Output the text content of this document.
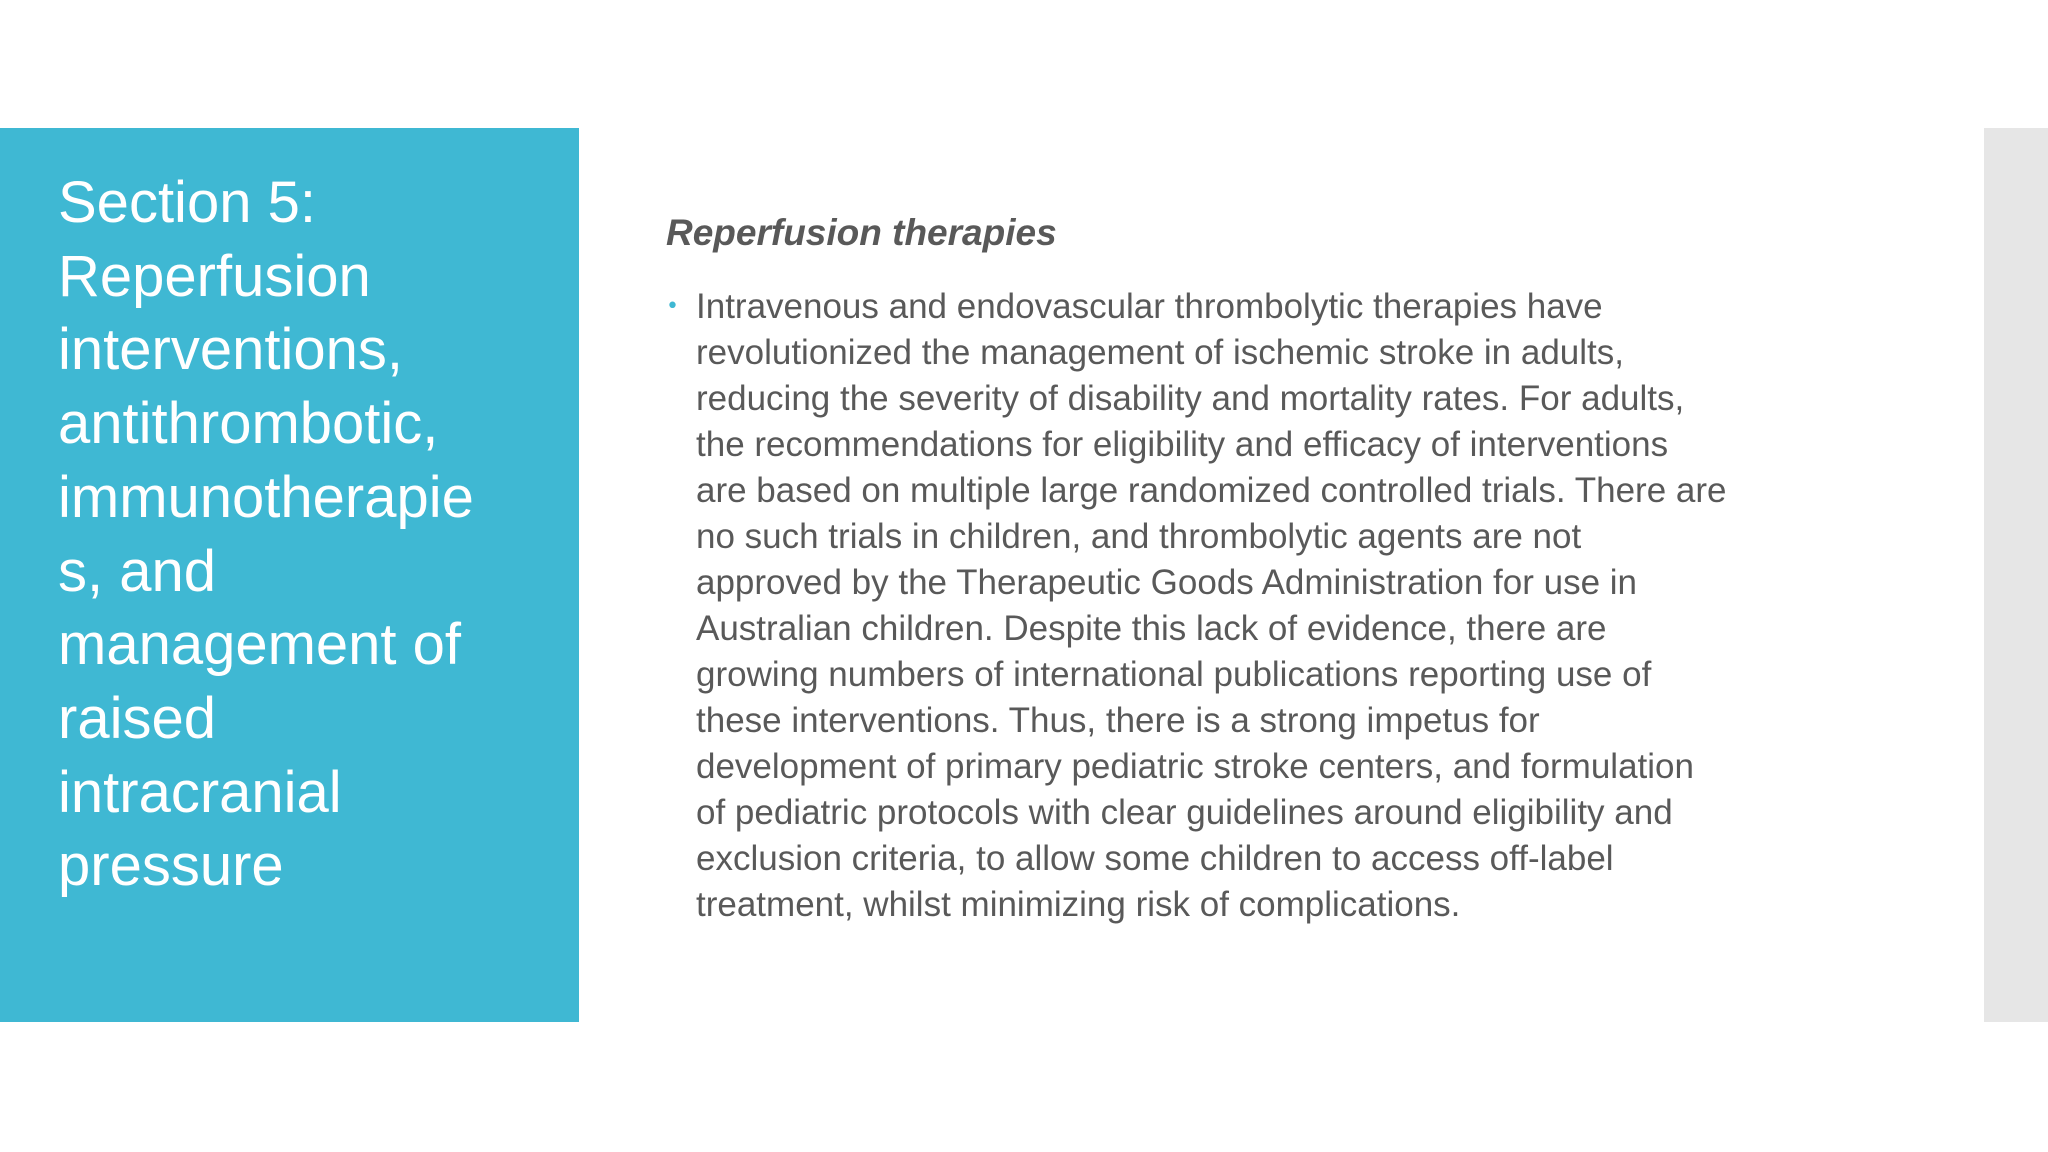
Section 5:
Reperfusion
interventions,
antithrombotic,
immunotherapie
s, and
management of
raised
intracranial
pressure
Reperfusion therapies
• Intravenous and endovascular thrombolytic therapies have
revolutionized the management of ischemic stroke in adults,
reducing the severity of disability and mortality rates. For adults,
the recommendations for eligibility and efficacy of interventions
are based on multiple large randomized controlled trials. There are
no such trials in children, and thrombolytic agents are not
approved by the Therapeutic Goods Administration for use in
Australian children. Despite this lack of evidence, there are
growing numbers of international publications reporting use of
these interventions. Thus, there is a strong impetus for
development of primary pediatric stroke centers, and formulation
of pediatric protocols with clear guidelines around eligibility and
exclusion criteria, to allow some children to access off-label
treatment, whilst minimizing risk of complications.
